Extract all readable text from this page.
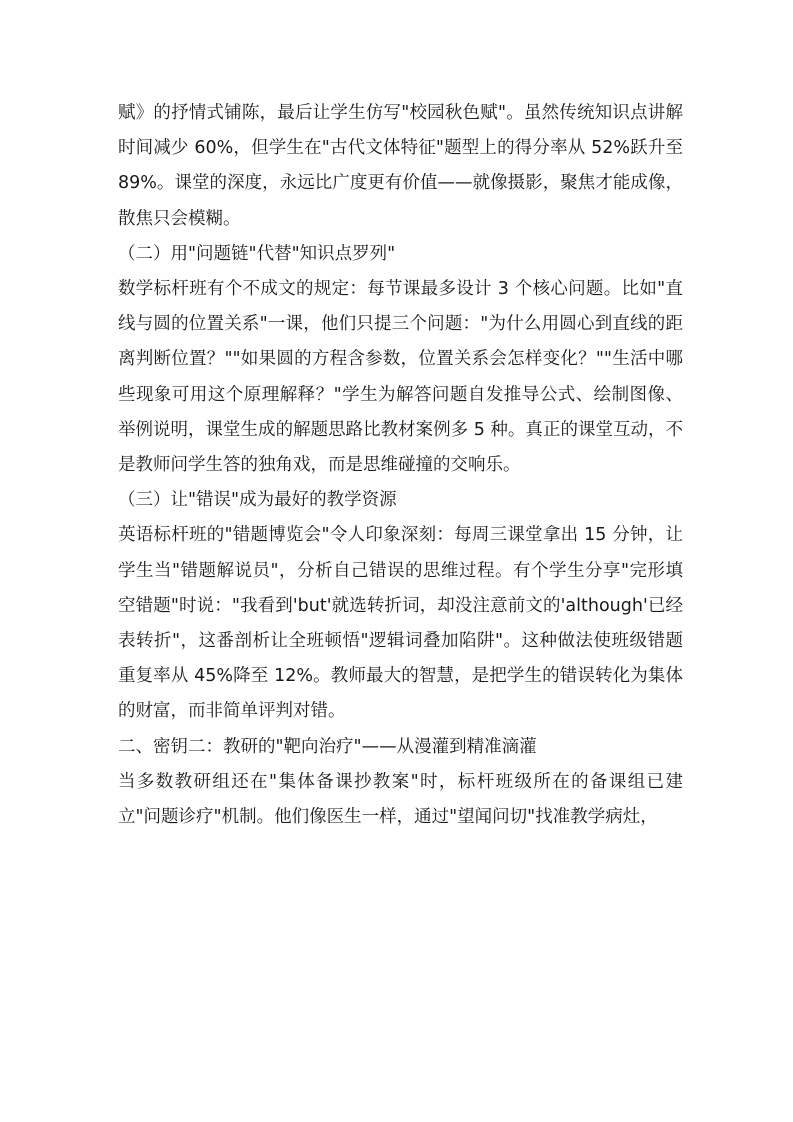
赋》的抒情式铺陈，最后让学生仿写"校园秋色赋"。虽然传统知识点讲解时间减少 60%，但学生在"古代文体特征"题型上的得分率从 52%跃升至 89%。课堂的深度，永远比广度更有价值——就像摄影，聚焦才能成像，散焦只会模糊。

（二）用"问题链"代替"知识点罗列"

数学标杆班有个不成文的规定：每节课最多设计 3 个核心问题。比如"直线与圆的位置关系"一课，他们只提三个问题："为什么用圆心到直线的距离判断位置？""如果圆的方程含参数，位置关系会怎样变化？""生活中哪些现象可用这个原理解释？"学生为解答问题自发推导公式、绘制图像、举例说明，课堂生成的解题思路比教材案例多 5 种。真正的课堂互动，不是教师问学生答的独角戏，而是思维碰撞的交响乐。

（三）让"错误"成为最好的教学资源

英语标杆班的"错题博览会"令人印象深刻：每周三课堂拿出 15 分钟，让学生当"错题解说员"，分析自己错误的思维过程。有个学生分享"完形填空错题"时说："我看到'but'就选转折词，却没注意前文的'although'已经表转折"，这番剖析让全班顿悟"逻辑词叠加陷阱"。这种做法使班级错题重复率从 45%降至 12%。教师最大的智慧，是把学生的错误转化为集体的财富，而非简单评判对错。

二、密钥二：教研的"靶向治疗"——从漫灌到精准滴灌

当多数教研组还在"集体备课抄教案"时，标杆班级所在的备课组已建立"问题诊疗"机制。他们像医生一样，通过"望闻问切"找准教学病灶，
